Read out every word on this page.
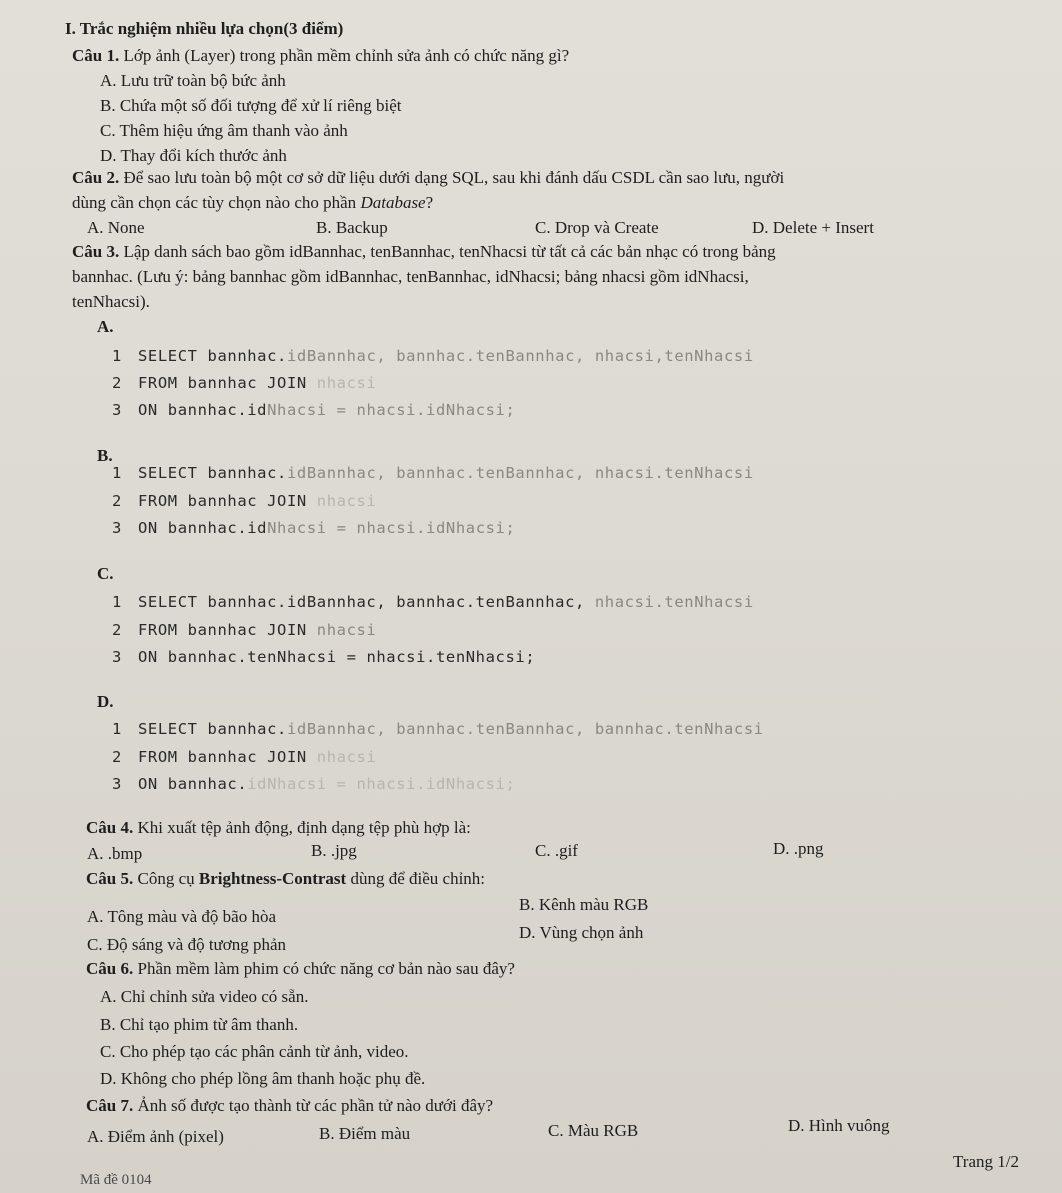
I. Trắc nghiệm nhiều lựa chọn(3 điểm)
Câu 1. Lớp ảnh (Layer) trong phần mềm chỉnh sửa ảnh có chức năng gì?
A. Lưu trữ toàn bộ bức ảnh
B. Chứa một số đối tượng để xử lí riêng biệt
C. Thêm hiệu ứng âm thanh vào ảnh
D. Thay đổi kích thước ảnh
Câu 2. Để sao lưu toàn bộ một cơ sở dữ liệu dưới dạng SQL, sau khi đánh dấu CSDL cần sao lưu, người
dùng cần chọn các tùy chọn nào cho phần Database?
A. None	B. Backup	C. Drop và Create	D. Delete + Insert
Câu 3. Lập danh sách bao gồm idBannhac, tenBannhac, tenNhacsi từ tất cả các bản nhạc có trong bảng
bannhac. (Lưu ý: bảng bannhac gồm idBannhac, tenBannhac, idNhacsi; bảng nhacsi gồm idNhacsi,
tenNhacsi).
A.
1 SELECT bannhac.idBannhac, bannhac.tenBannhac, nhacsi,tenNhacsi
2 FROM bannhac JOIN nhacsi
3 ON bannhac.idNhacsi = nhacsi.idNhacsi;
B.
1 SELECT bannhac.idBannhac, bannhac.tenBannhac, nhacsi.tenNhacsi
2 FROM bannhac JOIN nhacsi
3 ON bannhac.idNhacsi = nhacsi.idNhacsi;
C.
1 SELECT bannhac.idBannhac, bannhac.tenBannhac, nhacsi.tenNhacsi
2 FROM bannhac JOIN nhacsi
3 ON bannhac.tenNhacsi = nhacsi.tenNhacsi;
D.
1 SELECT bannhac.idBannhac, bannhac.tenBannhac, bannhac.tenNhacsi
2 FROM bannhac JOIN nhacsi
3 ON bannhac.idNhacsi = nhacsi.idNhacsi;
Câu 4. Khi xuất tệp ảnh động, định dạng tệp phù hợp là:
A. .bmp	B. .jpg	C. .gif	D. .png
Câu 5. Công cụ Brightness-Contrast dùng để điều chỉnh:
A. Tông màu và độ bão hòa
B. Kênh màu RGB
C. Độ sáng và độ tương phản
D. Vùng chọn ảnh
Câu 6. Phần mềm làm phim có chức năng cơ bản nào sau đây?
A. Chỉ chỉnh sửa video có sẵn.
B. Chỉ tạo phim từ âm thanh.
C. Cho phép tạo các phân cảnh từ ảnh, video.
D. Không cho phép lồng âm thanh hoặc phụ đề.
Câu 7. Ảnh số được tạo thành từ các phần tử nào dưới đây?
A. Điểm ảnh (pixel)	B. Điểm màu	C. Màu RGB	D. Hình vuông
Trang 1/2
Mã đề 0104
